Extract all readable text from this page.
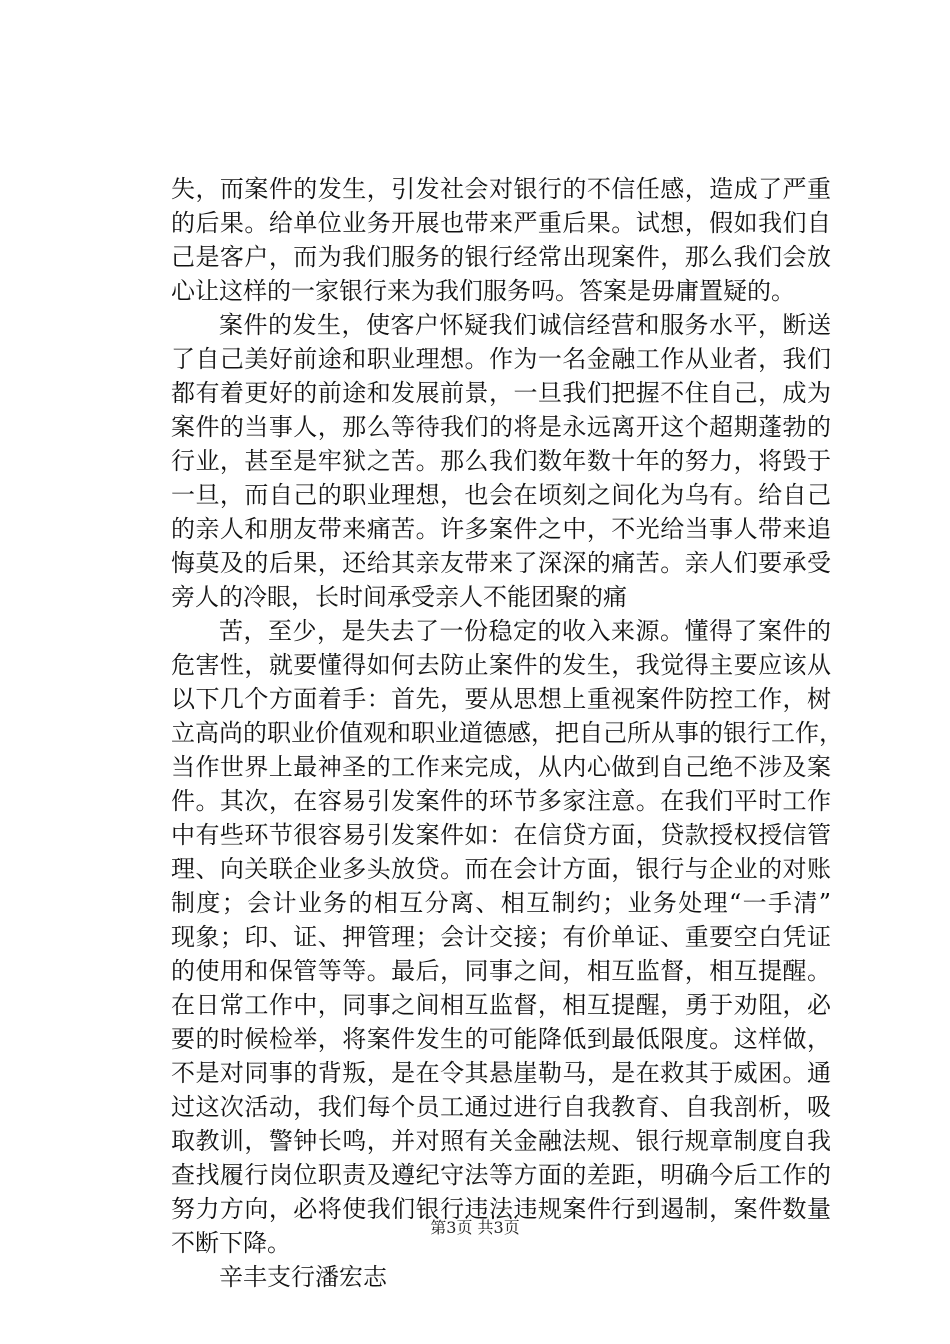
失，而案件的发生，引发社会对银行的不信任感，造成了严重
的后果。给单位业务开展也带来严重后果。试想，假如我们自
己是客户，而为我们服务的银行经常出现案件，那么我们会放
心让这样的一家银行来为我们服务吗。答案是毋庸置疑的。
案件的发生，使客户怀疑我们诚信经营和服务水平，断送
了自己美好前途和职业理想。作为一名金融工作从业者，我们
都有着更好的前途和发展前景，一旦我们把握不住自己，成为
案件的当事人，那么等待我们的将是永远离开这个超期蓬勃的
行业，甚至是牢狱之苦。那么我们数年数十年的努力，将毁于
一旦，而自己的职业理想，也会在顷刻之间化为乌有。给自己
的亲人和朋友带来痛苦。许多案件之中，不光给当事人带来追
悔莫及的后果，还给其亲友带来了深深的痛苦。亲人们要承受
旁人的冷眼，长时间承受亲人不能团聚的痛
苦，至少，是失去了一份稳定的收入来源。懂得了案件的
危害性，就要懂得如何去防止案件的发生，我觉得主要应该从
以下几个方面着手：首先，要从思想上重视案件防控工作，树
立高尚的职业价值观和职业道德感，把自己所从事的银行工作，
当作世界上最神圣的工作来完成，从内心做到自己绝不涉及案
件。其次，在容易引发案件的环节多家注意。在我们平时工作
中有些环节很容易引发案件如：在信贷方面，贷款授权授信管
理、向关联企业多头放贷。而在会计方面，银行与企业的对账
制度；会计业务的相互分离、相互制约；业务处理“一手清”
现象；印、证、押管理；会计交接；有价单证、重要空白凭证
的使用和保管等等。最后，同事之间，相互监督，相互提醒。
在日常工作中，同事之间相互监督，相互提醒，勇于劝阻，必
要的时候检举，将案件发生的可能降低到最低限度。这样做，
不是对同事的背叛，是在令其悬崖勒马，是在救其于威困。通
过这次活动，我们每个员工通过进行自我教育、自我剖析，吸
取教训，警钟长鸣，并对照有关金融法规、银行规章制度自我
查找履行岗位职责及遵纪守法等方面的差距，明确今后工作的
努力方向，必将使我们银行违法违规案件行到遏制，案件数量
不断下降。
辛丰支行潘宏志
第3页 共3页
